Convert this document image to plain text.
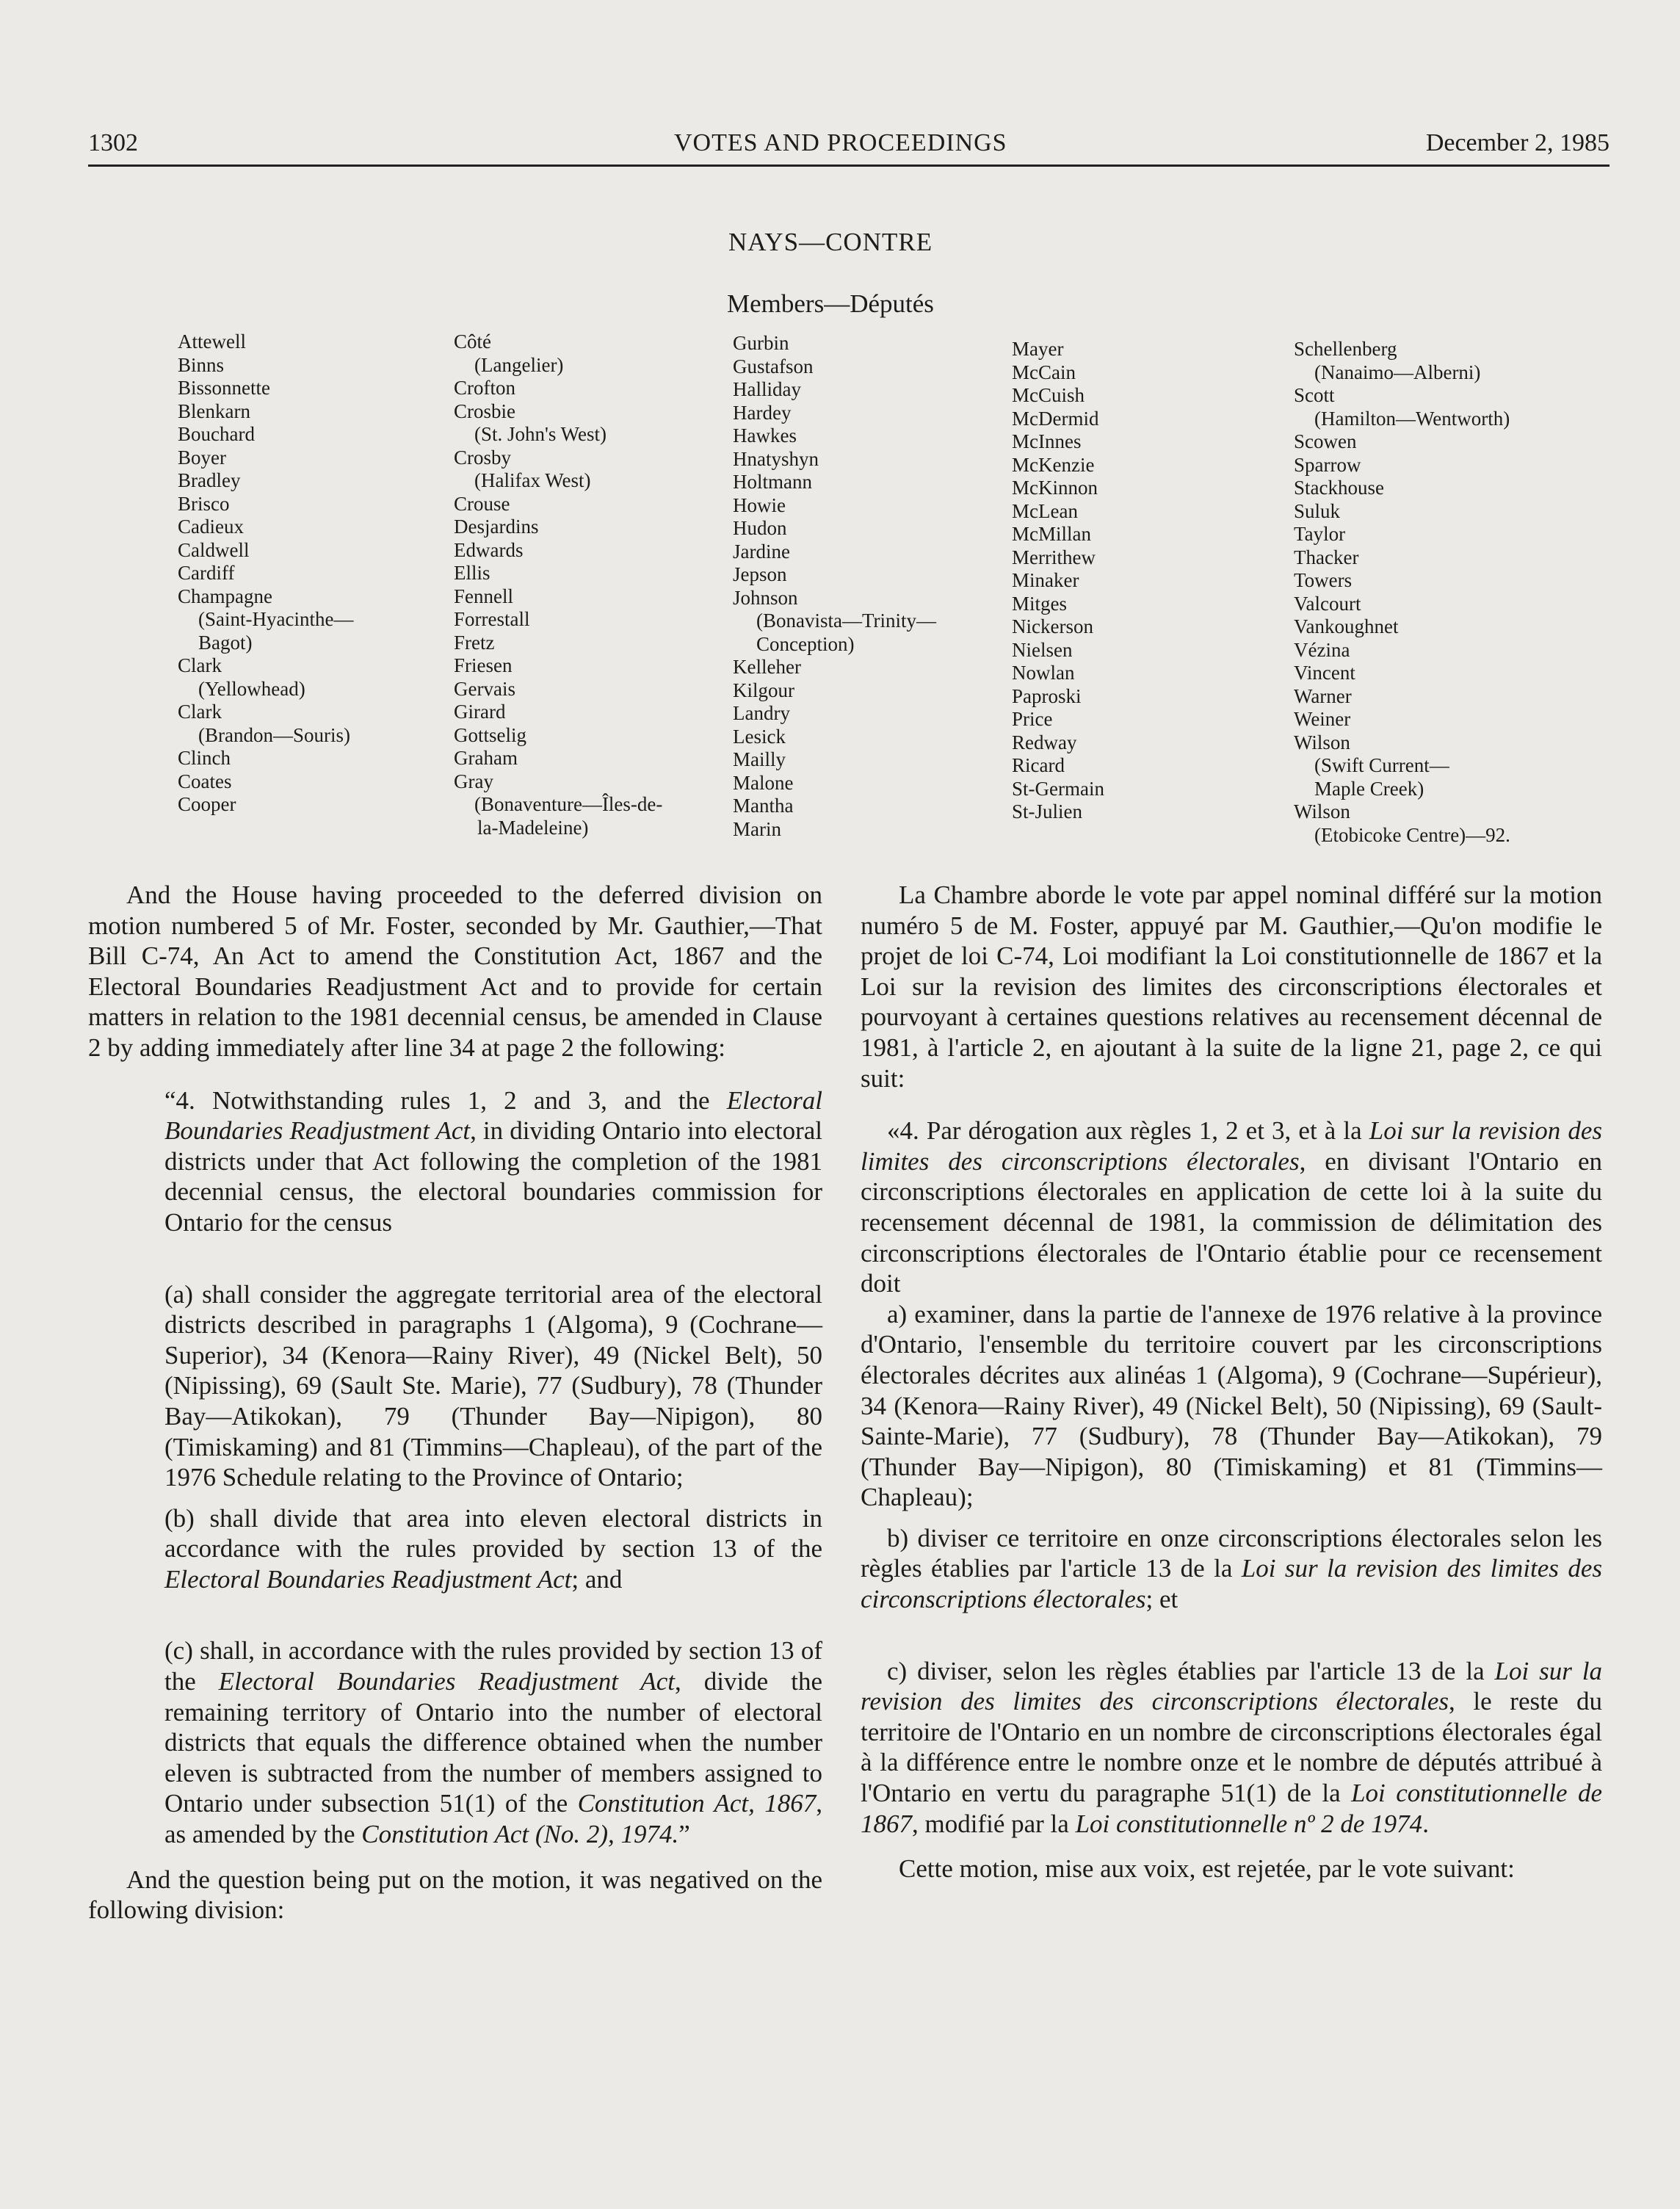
1302	VOTES AND PROCEEDINGS	December 2, 1985
NAYS—CONTRE
Members—Députés
Attewell
Binns
Bissonnette
Blenkarn
Bouchard
Boyer
Bradley
Brisco
Cadieux
Caldwell
Cardiff
Champagne
(Saint-Hyacinthe—
Bagot)
Clark
(Yellowhead)
Clark
(Brandon—Souris)
Clinch
Coates
Cooper
Côté
(Langelier)
Crofton
Crosbie
(St. John's West)
Crosby
(Halifax West)
Crouse
Desjardins
Edwards
Ellis
Fennell
Forrestall
Fretz
Friesen
Gervais
Girard
Gottselig
Graham
Gray
(Bonaventure—Îles-de-
la-Madeleine)
Gurbin
Gustafson
Halliday
Hardey
Hawkes
Hnatyshyn
Holtmann
Howie
Hudon
Jardine
Jepson
Johnson
(Bonavista—Trinity—
Conception)
Kelleher
Kilgour
Landry
Lesick
Mailly
Malone
Mantha
Marin
Mayer
McCain
McCuish
McDermid
McInnes
McKenzie
McKinnon
McLean
McMillan
Merrithew
Minaker
Mitges
Nickerson
Nielsen
Nowlan
Paproski
Price
Redway
Ricard
St-Germain
St-Julien
Schellenberg
(Nanaimo—Alberni)
Scott
(Hamilton—Wentworth)
Scowen
Sparrow
Stackhouse
Suluk
Taylor
Thacker
Towers
Valcourt
Vankoughnet
Vézina
Vincent
Warner
Weiner
Wilson
(Swift Current—
Maple Creek)
Wilson
(Etobicoke Centre)—92.

And the House having proceeded to the deferred division on motion numbered 5 of Mr. Foster, seconded by Mr. Gauthier,—That Bill C-74, An Act to amend the Constitution Act, 1867 and the Electoral Boundaries Readjustment Act and to provide for certain matters in relation to the 1981 decennial census, be amended in Clause 2 by adding immediately after line 34 at page 2 the following:

“4. Notwithstanding rules 1, 2 and 3, and the Electoral Boundaries Readjustment Act, in dividing Ontario into electoral districts under that Act following the completion of the 1981 decennial census, the electoral boundaries commission for Ontario for the census

(a) shall consider the aggregate territorial area of the electoral districts described in paragraphs 1 (Algoma), 9 (Cochrane—Superior), 34 (Kenora—Rainy River), 49 (Nickel Belt), 50 (Nipissing), 69 (Sault Ste. Marie), 77 (Sudbury), 78 (Thunder Bay—Atikokan), 79 (Thunder Bay—Nipigon), 80 (Timiskaming) and 81 (Timmins—Chapleau), of the part of the 1976 Schedule relating to the Province of Ontario;

(b) shall divide that area into eleven electoral districts in accordance with the rules provided by section 13 of the Electoral Boundaries Readjustment Act; and

(c) shall, in accordance with the rules provided by section 13 of the Electoral Boundaries Readjustment Act, divide the remaining territory of Ontario into the number of electoral districts that equals the difference obtained when the number eleven is subtracted from the number of members assigned to Ontario under subsection 51(1) of the Constitution Act, 1867, as amended by the Constitution Act (No. 2), 1974.”

And the question being put on the motion, it was negatived on the following division:

La Chambre aborde le vote par appel nominal différé sur la motion numéro 5 de M. Foster, appuyé par M. Gauthier,—Qu'on modifie le projet de loi C-74, Loi modifiant la Loi constitutionnelle de 1867 et la Loi sur la revision des limites des circonscriptions électorales et pourvoyant à certaines questions relatives au recensement décennal de 1981, à l'article 2, en ajoutant à la suite de la ligne 21, page 2, ce qui suit:

«4. Par dérogation aux règles 1, 2 et 3, et à la Loi sur la revision des limites des circonscriptions électorales, en divisant l'Ontario en circonscriptions électorales en application de cette loi à la suite du recensement décennal de 1981, la commission de délimitation des circonscriptions électorales de l'Ontario établie pour ce recensement doit

a) examiner, dans la partie de l'annexe de 1976 relative à la province d'Ontario, l'ensemble du territoire couvert par les circonscriptions électorales décrites aux alinéas 1 (Algoma), 9 (Cochrane—Supérieur), 34 (Kenora—Rainy River), 49 (Nickel Belt), 50 (Nipissing), 69 (Sault-Sainte-Marie), 77 (Sudbury), 78 (Thunder Bay—Atikokan), 79 (Thunder Bay—Nipigon), 80 (Timiskaming) et 81 (Timmins—Chapleau);

b) diviser ce territoire en onze circonscriptions électorales selon les règles établies par l'article 13 de la Loi sur la revision des limites des circonscriptions électorales; et

c) diviser, selon les règles établies par l'article 13 de la Loi sur la revision des limites des circonscriptions électorales, le reste du territoire de l'Ontario en un nombre de circonscriptions électorales égal à la différence entre le nombre onze et le nombre de députés attribué à l'Ontario en vertu du paragraphe 51(1) de la Loi constitutionnelle de 1867, modifié par la Loi constitutionnelle nº 2 de 1974.

Cette motion, mise aux voix, est rejetée, par le vote suivant:
